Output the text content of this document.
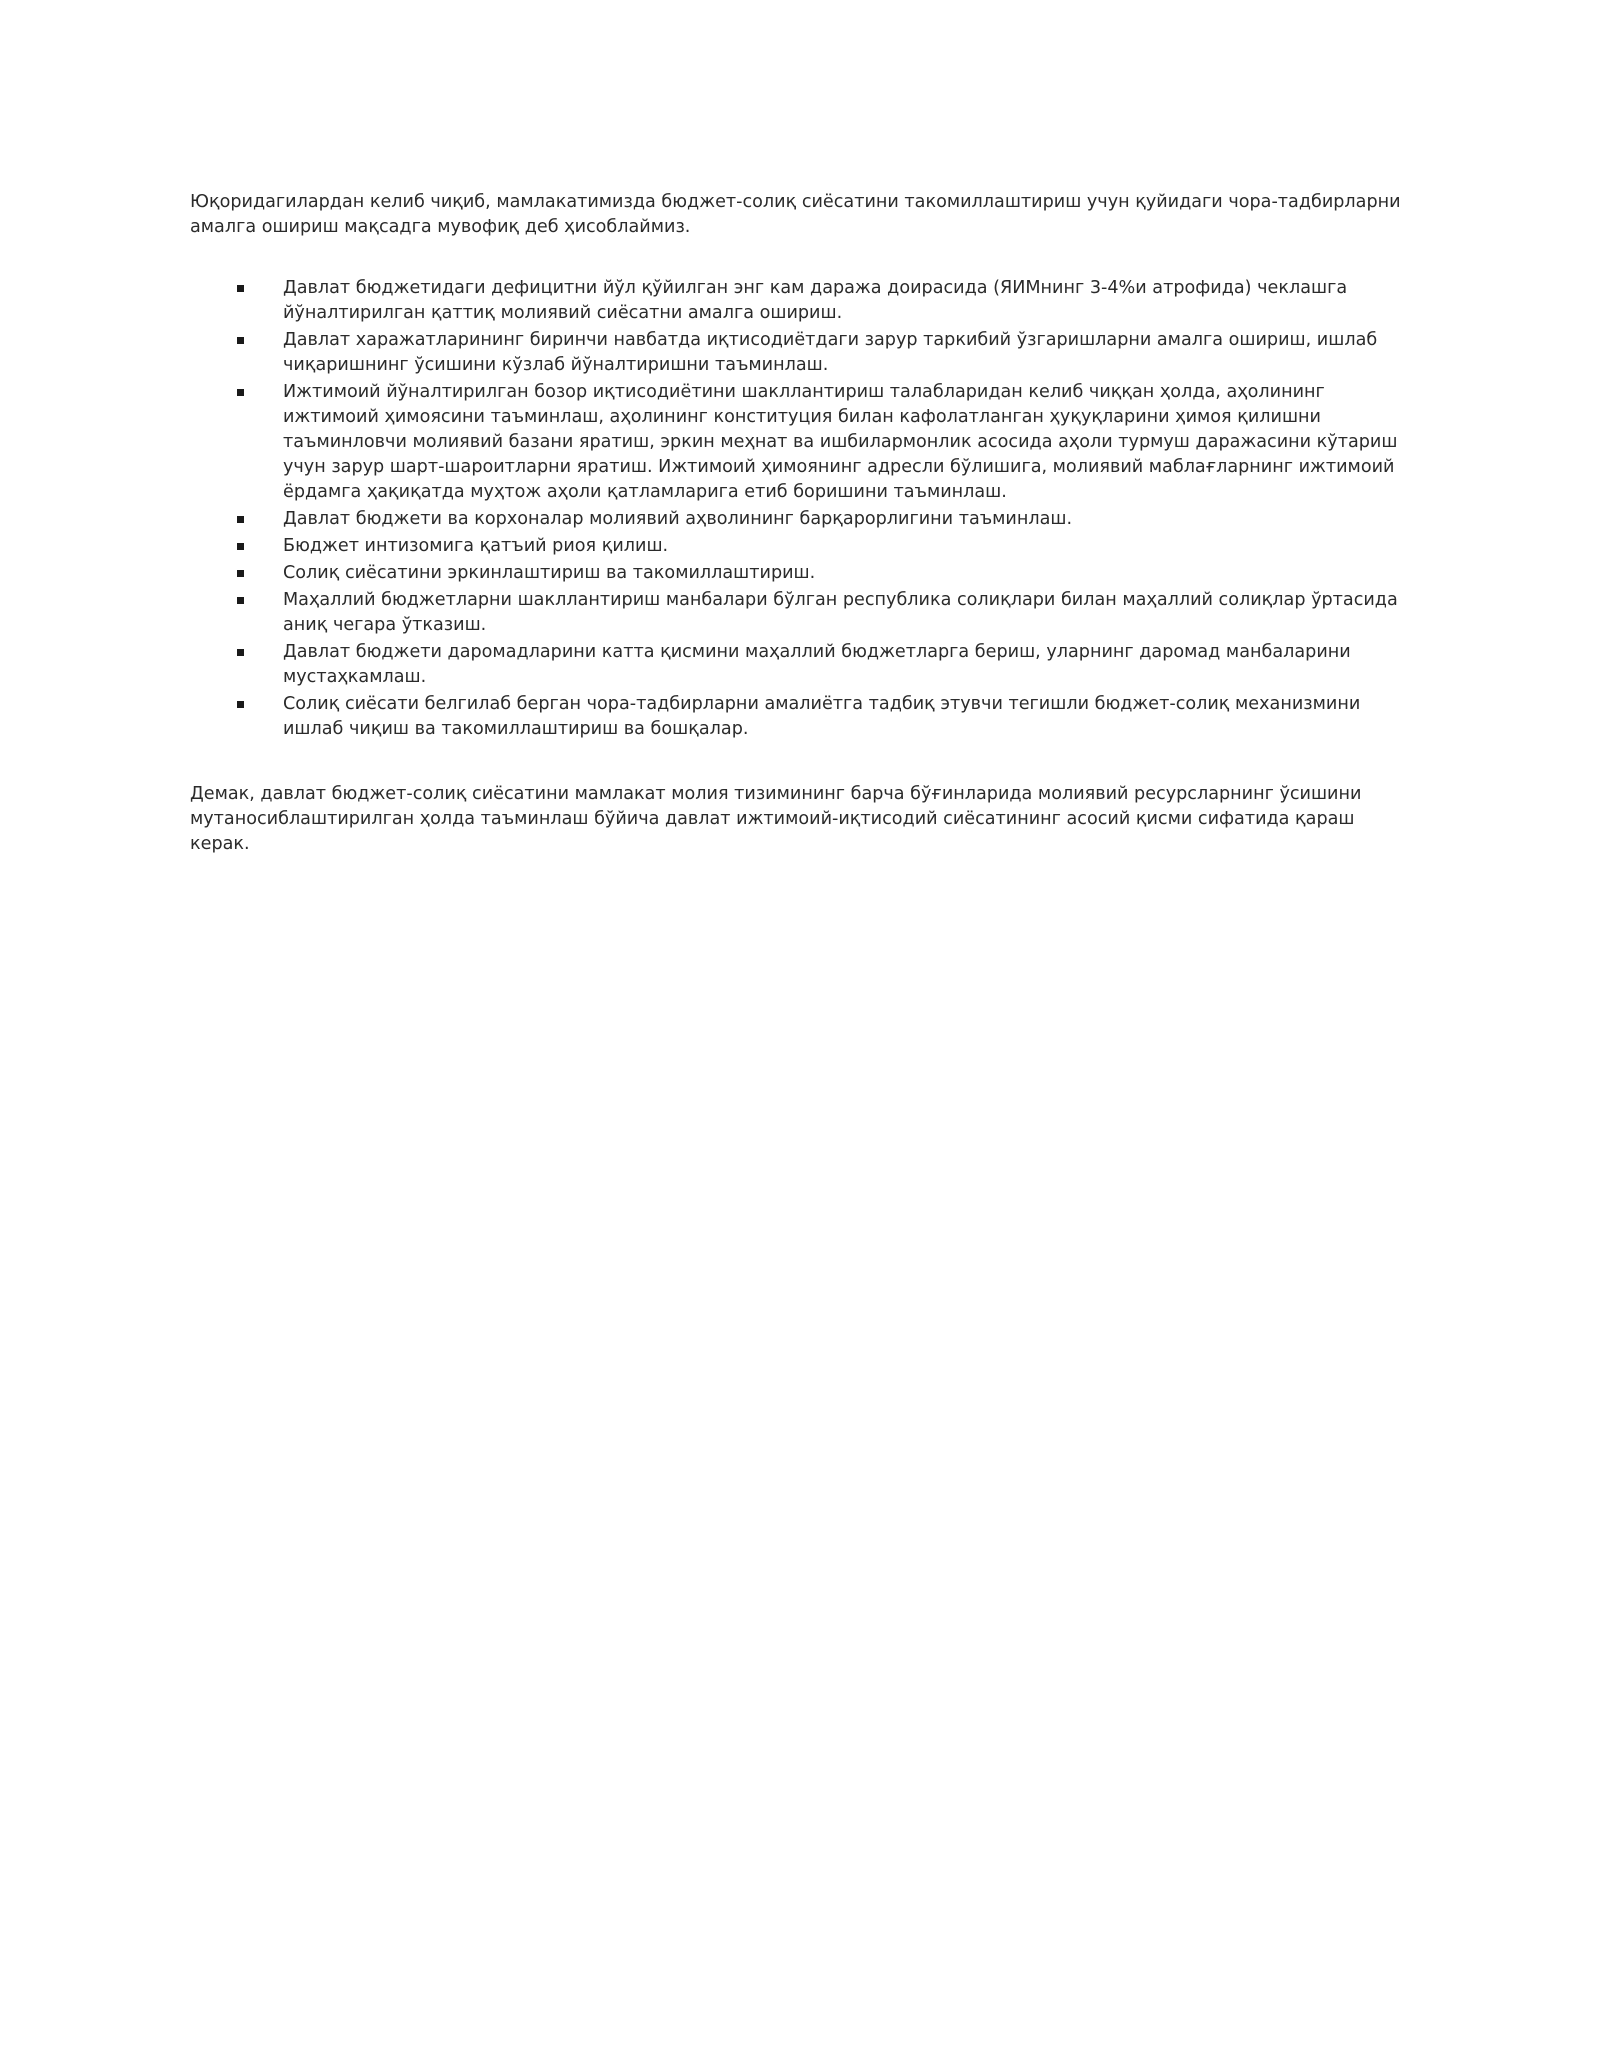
Юқоридагилардан келиб чиқиб, мамлакатимизда бюджет-солиқ сиёсатини такомиллаштириш учун қуйидаги чора-тадбирларни амалга ошириш мақсадга мувофиқ деб ҳисоблаймиз.

Давлат бюджетидаги дефицитни йўл қўйилган энг кам даража доирасида (ЯИМнинг 3-4%и атрофида) чеклашга йўналтирилган қаттиқ молиявий сиёсатни амалга ошириш.
Давлат харажатларининг биринчи навбатда иқтисодиётдаги зарур таркибий ўзгаришларни амалга ошириш, ишлаб чиқаришнинг ўсишини кўзлаб йўналтиришни таъминлаш.
Ижтимоий йўналтирилган бозор иқтисодиётини шакллантириш талабларидан келиб чиққан ҳолда, аҳолининг ижтимоий ҳимоясини таъминлаш, аҳолининг конституция билан кафолатланган ҳуқуқларини ҳимоя қилишни таъминловчи молиявий базани яратиш, эркин меҳнат ва ишбилармонлик асосида аҳоли турмуш даражасини кўтариш учун зарур шарт-шароитларни яратиш. Ижтимоий ҳимоянинг адресли бўлишига, молиявий маблағларнинг ижтимоий ёрдамга ҳақиқатда муҳтож аҳоли қатламларига етиб боришини таъминлаш.
Давлат бюджети ва корхоналар молиявий аҳволининг барқарорлигини таъминлаш.
Бюджет интизомига қатъий риоя қилиш.
Солиқ сиёсатини эркинлаштириш ва такомиллаштириш.
Маҳаллий бюджетларни шакллантириш манбалари бўлган республика солиқлари билан маҳаллий солиқлар ўртасида аниқ чегара ўтказиш.
Давлат бюджети даромадларини катта қисмини маҳаллий бюджетларга бериш, уларнинг даромад манбаларини мустаҳкамлаш.
Солиқ сиёсати белгилаб берган чора-тадбирларни амалиётга тадбиқ этувчи тегишли бюджет-солиқ механизмини ишлаб чиқиш ва такомиллаштириш ва бошқалар.

Демак, давлат бюджет-солиқ сиёсатини мамлакат молия тизимининг барча бўғинларида молиявий ресурсларнинг ўсишини мутаносиблаштирилган ҳолда таъминлаш бўйича давлат ижтимоий-иқтисодий сиёсатининг асосий қисми сифатида қараш керак.
